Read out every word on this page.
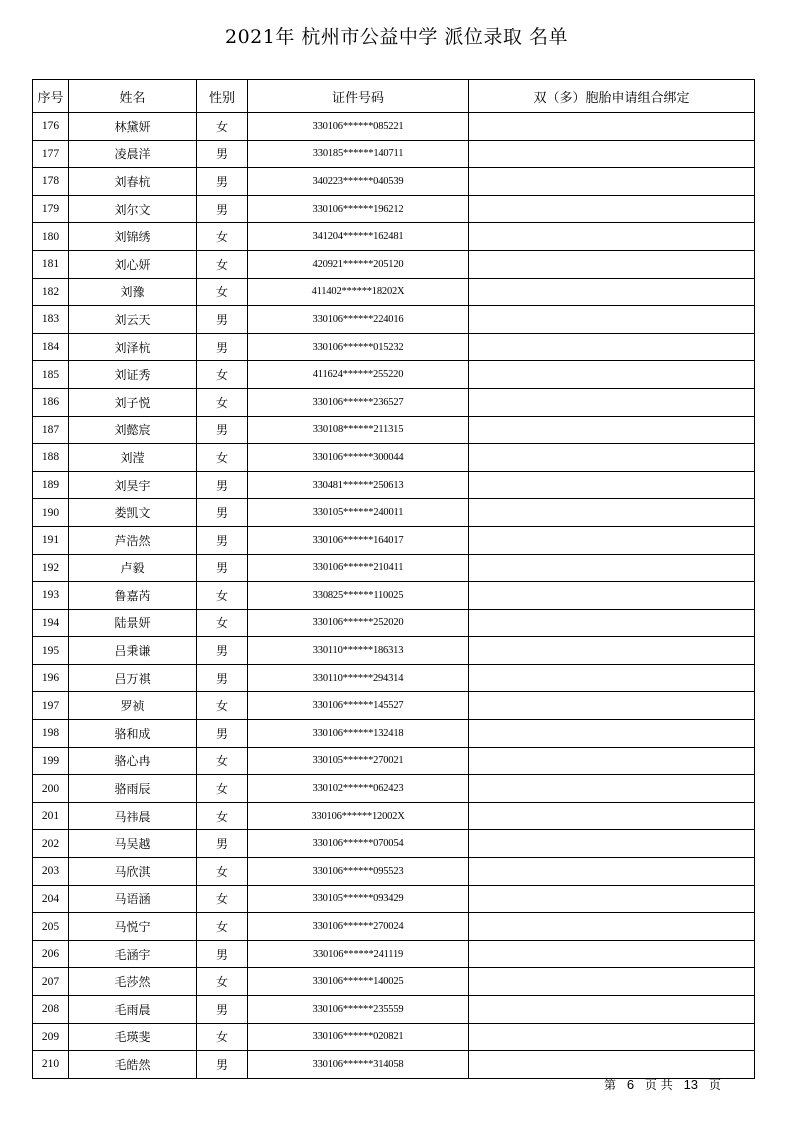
2021年 杭州市公益中学 派位录取 名单
序号	姓名	性别	证件号码	双（多）胞胎申请组合绑定
176	林黛妍	女	330106******085221	
177	凌晨洋	男	330185******140711	
178	刘春杭	男	340223******040539	
179	刘尔文	男	330106******196212	
180	刘锦绣	女	341204******162481	
181	刘心妍	女	420921******205120	
182	刘豫	女	411402******18202X	
183	刘云天	男	330106******224016	
184	刘泽杭	男	330106******015232	
185	刘证秀	女	411624******255220	
186	刘子悦	女	330106******236527	
187	刘懿宸	男	330108******211315	
188	刘滢	女	330106******300044	
189	刘昊宇	男	330481******250613	
190	娄凯文	男	330105******240011	
191	芦浩然	男	330106******164017	
192	卢毅	男	330106******210411	
193	鲁嘉芮	女	330825******110025	
194	陆景妍	女	330106******252020	
195	吕秉谦	男	330110******186313	
196	吕万祺	男	330110******294314	
197	罗祯	女	330106******145527	
198	骆和成	男	330106******132418	
199	骆心冉	女	330105******270021	
200	骆雨辰	女	330102******062423	
201	马祎晨	女	330106******12002X	
202	马吴越	男	330106******070054	
203	马欣淇	女	330106******095523	
204	马语涵	女	330105******093429	
205	马悦宁	女	330106******270024	
206	毛涵宇	男	330106******241119	
207	毛莎然	女	330106******140025	
208	毛雨晨	男	330106******235559	
209	毛瑛斐	女	330106******020821	
210	毛皓然	男	330106******314058	
第 6 页 共 13 页
